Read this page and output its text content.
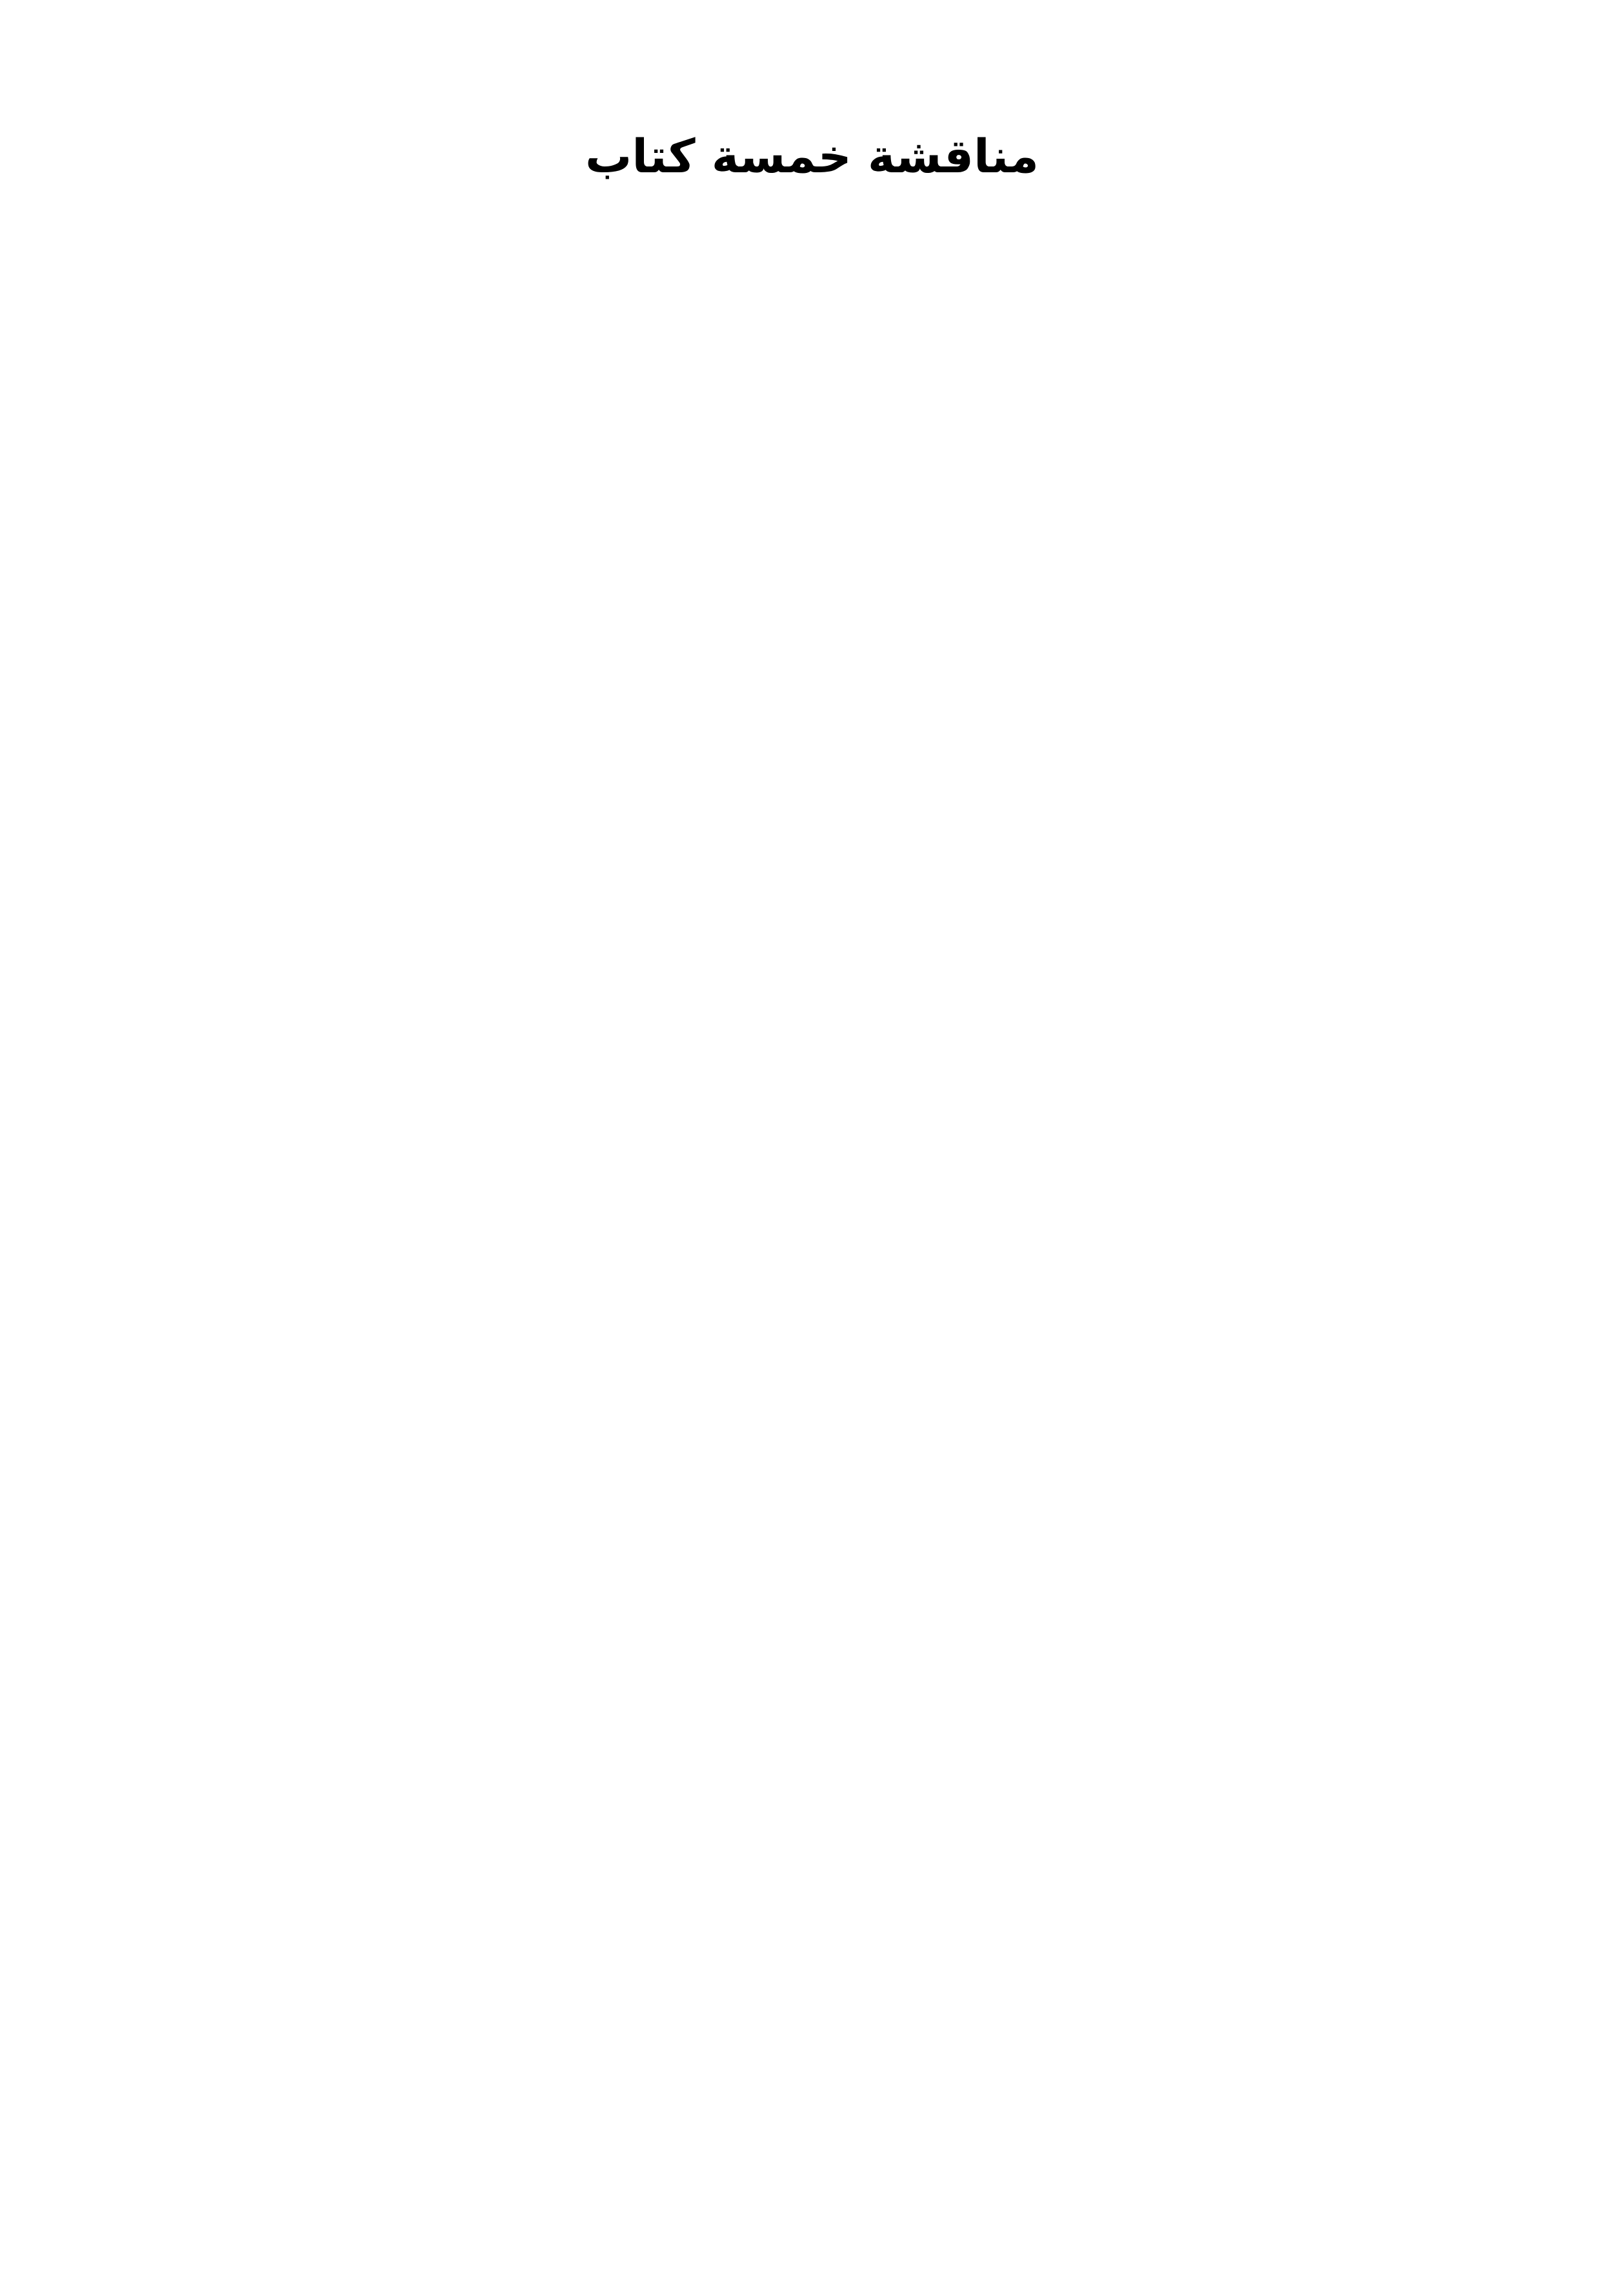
مناقشة خمسة كتاب
